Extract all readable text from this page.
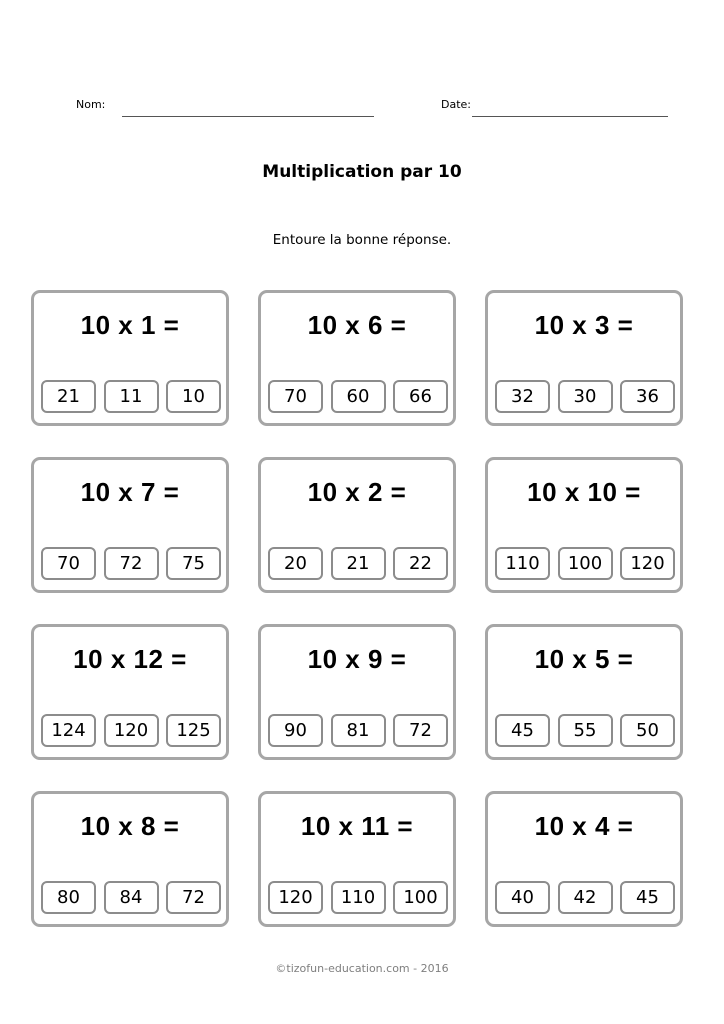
Nom:	Date:
Multiplication par 10
Entoure la bonne réponse.
10 x 1 =
21	11	10
10 x 6 =
70	60	66
10 x 3 =
32	30	36
10 x 7 =
70	72	75
10 x 2 =
20	21	22
10 x 10 =
110	100	120
10 x 12 =
124	120	125
10 x 9 =
90	81	72
10 x 5 =
45	55	50
10 x 8 =
80	84	72
10 x 11 =
120	110	100
10 x 4 =
40	42	45
©tizofun-education.com - 2016
